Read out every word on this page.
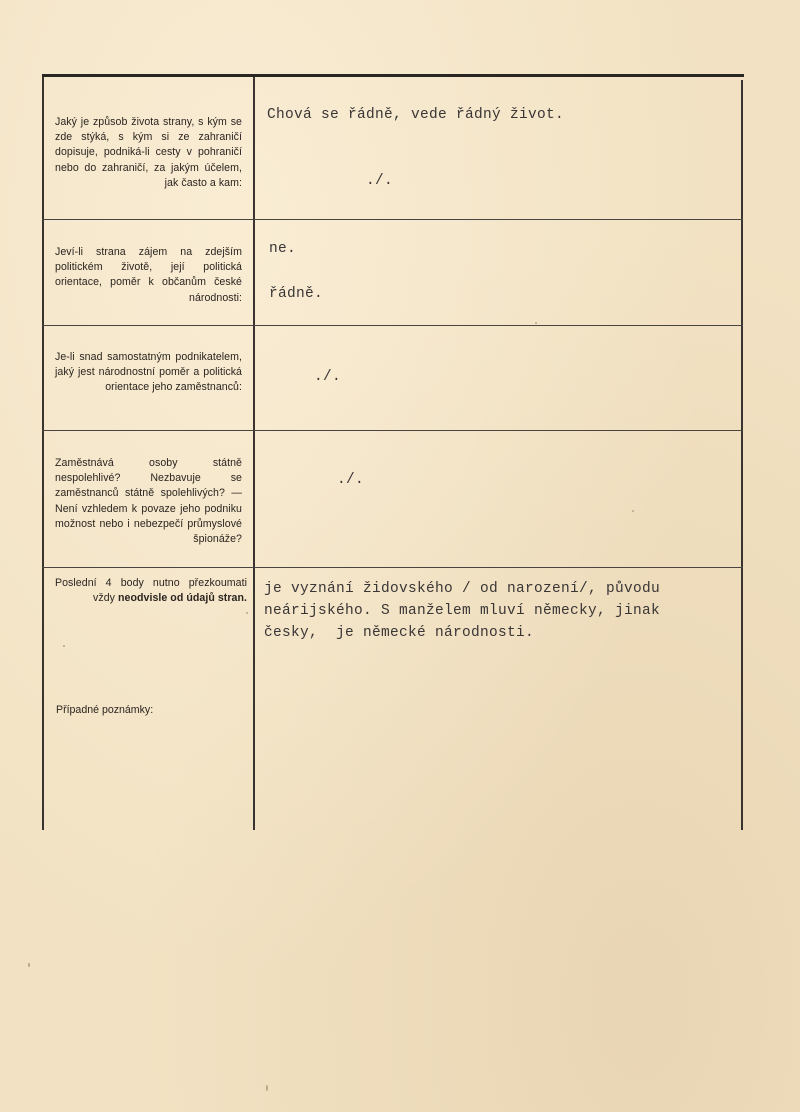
Jaký je způsob života strany, s kým se zde stýká, s kým si ze zahraničí dopisuje, podniká-li cesty v pohraničí nebo do zahraničí, za jakým účelem, jak často a kam:
Chová se řádně, vede řádný život.
./.
Jeví-li strana zájem na zdejším politickém životě, její politická orientace, poměr k občanům české národnosti:
ne.
řádně.
Je-li snad samostatným podnikatelem, jaký jest národnostní poměr a politická orientace jeho zaměstnanců:
./.
Zaměstnává osoby státně nespolehlivé? Nezbavuje se zaměstnanců státně spolehlivých? — Není vzhledem k povaze jeho podniku možnost nebo i nebezpečí průmyslové špionáže?
./.
Poslední 4 body nutno přezkoumati vždy neodvisle od údajů stran.
Případné poznámky:
je vyznání židovského / od narození/, původu
neárijského. S manželem mluví německy, jinak
česky,  je německé národnosti.
